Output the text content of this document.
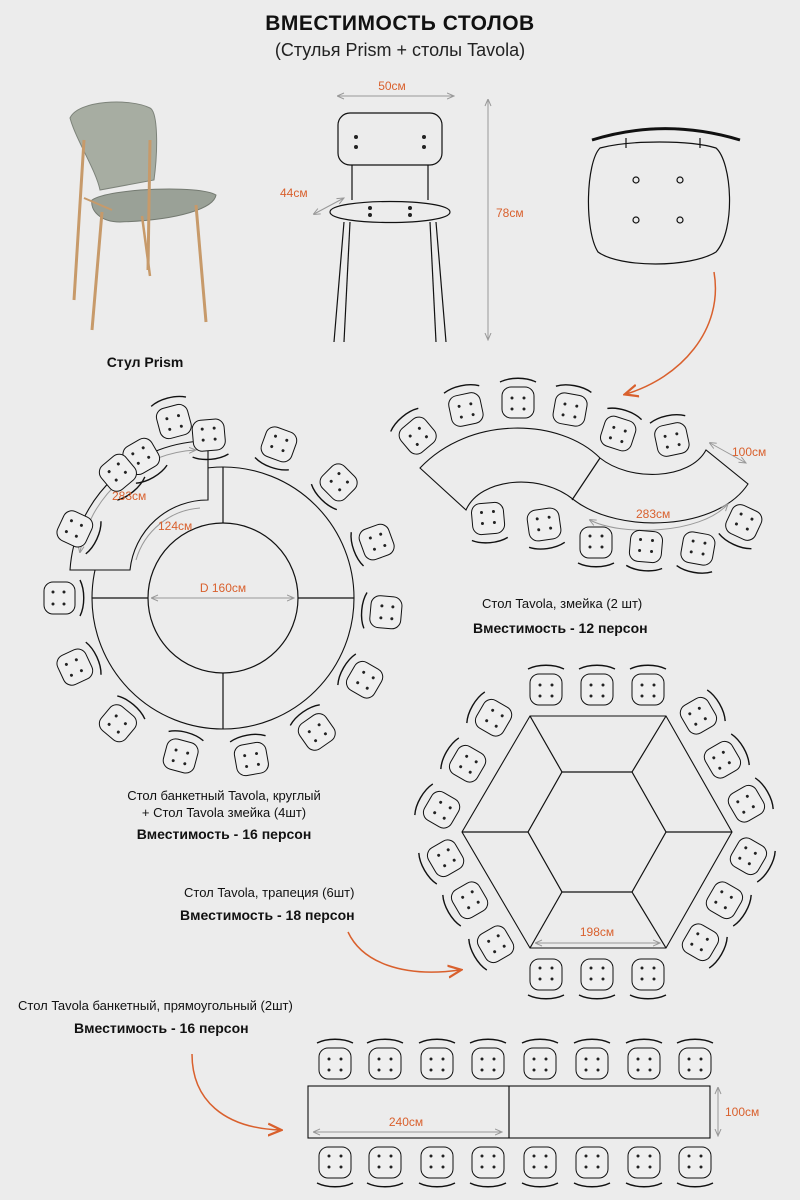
Стул Prism
50см
78см
44см
100см
283см
283см
124см
D 160см
198см
240см
100см
ВМЕСТИМОСТЬ СТОЛОВ
(Стулья Prism + столы Tavola)
Стол Tavola, змейка (2 шт)
Вместимость - 12 персон
Стол банкетный Tavola, круглый
+ Стол Tavola змейка (4шт)
Вместимость - 16 персон
Стол Tavola, трапеция (6шт)
Вместимость - 18 персон
Стол Tavola банкетный, прямоугольный (2шт)
Вместимость - 16 персон
